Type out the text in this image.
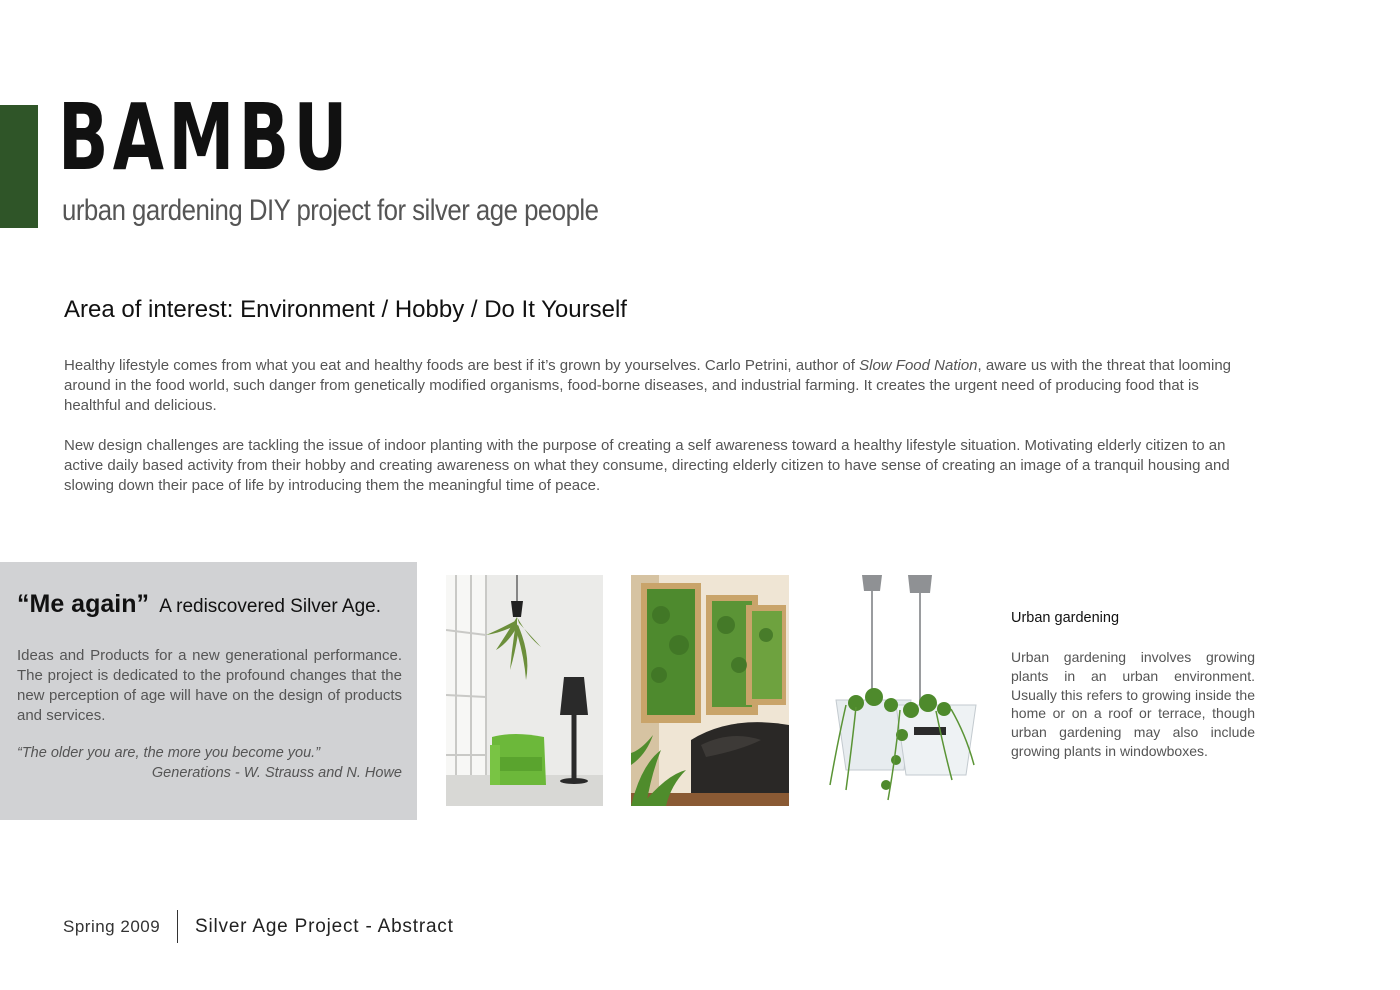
BAMBU
urban gardening DIY project for silver age people
Area of interest: Environment / Hobby / Do It Yourself

Healthy lifestyle comes from what you eat and healthy foods are best if it’s grown by yourselves. Carlo Petrini, author of Slow Food Nation, aware us with the threat that looming around in the food world, such danger from genetically modified organisms, food-borne diseases, and industrial farming. It creates the urgent need of producing food that is healthful and delicious.

New design challenges are tackling the issue of indoor planting with the purpose of creating a self awareness toward a healthy lifestyle situation. Motivating elderly citizen to an active daily based activity from their hobby and creating awareness on what they consume, directing elderly citizen to have sense of creating an image of a tranquil housing and slowing down their pace of life by introducing them the meaningful time of peace.

“Me again” A rediscovered Silver Age.

Ideas and Products for a new generational performance. The project is dedicated to the profound changes that the new perception of age will have on the design of products and services.

“The older you are, the more you become you.”

Generations - W. Strauss and N. Howe

Urban gardening

Urban gardening involves growing plants in an urban environment. Usually this refers to growing inside the home or on a roof or terrace, though urban gardening may also include growing plants in windowboxes.

Spring 2009 Silver Age Project - Abstract
